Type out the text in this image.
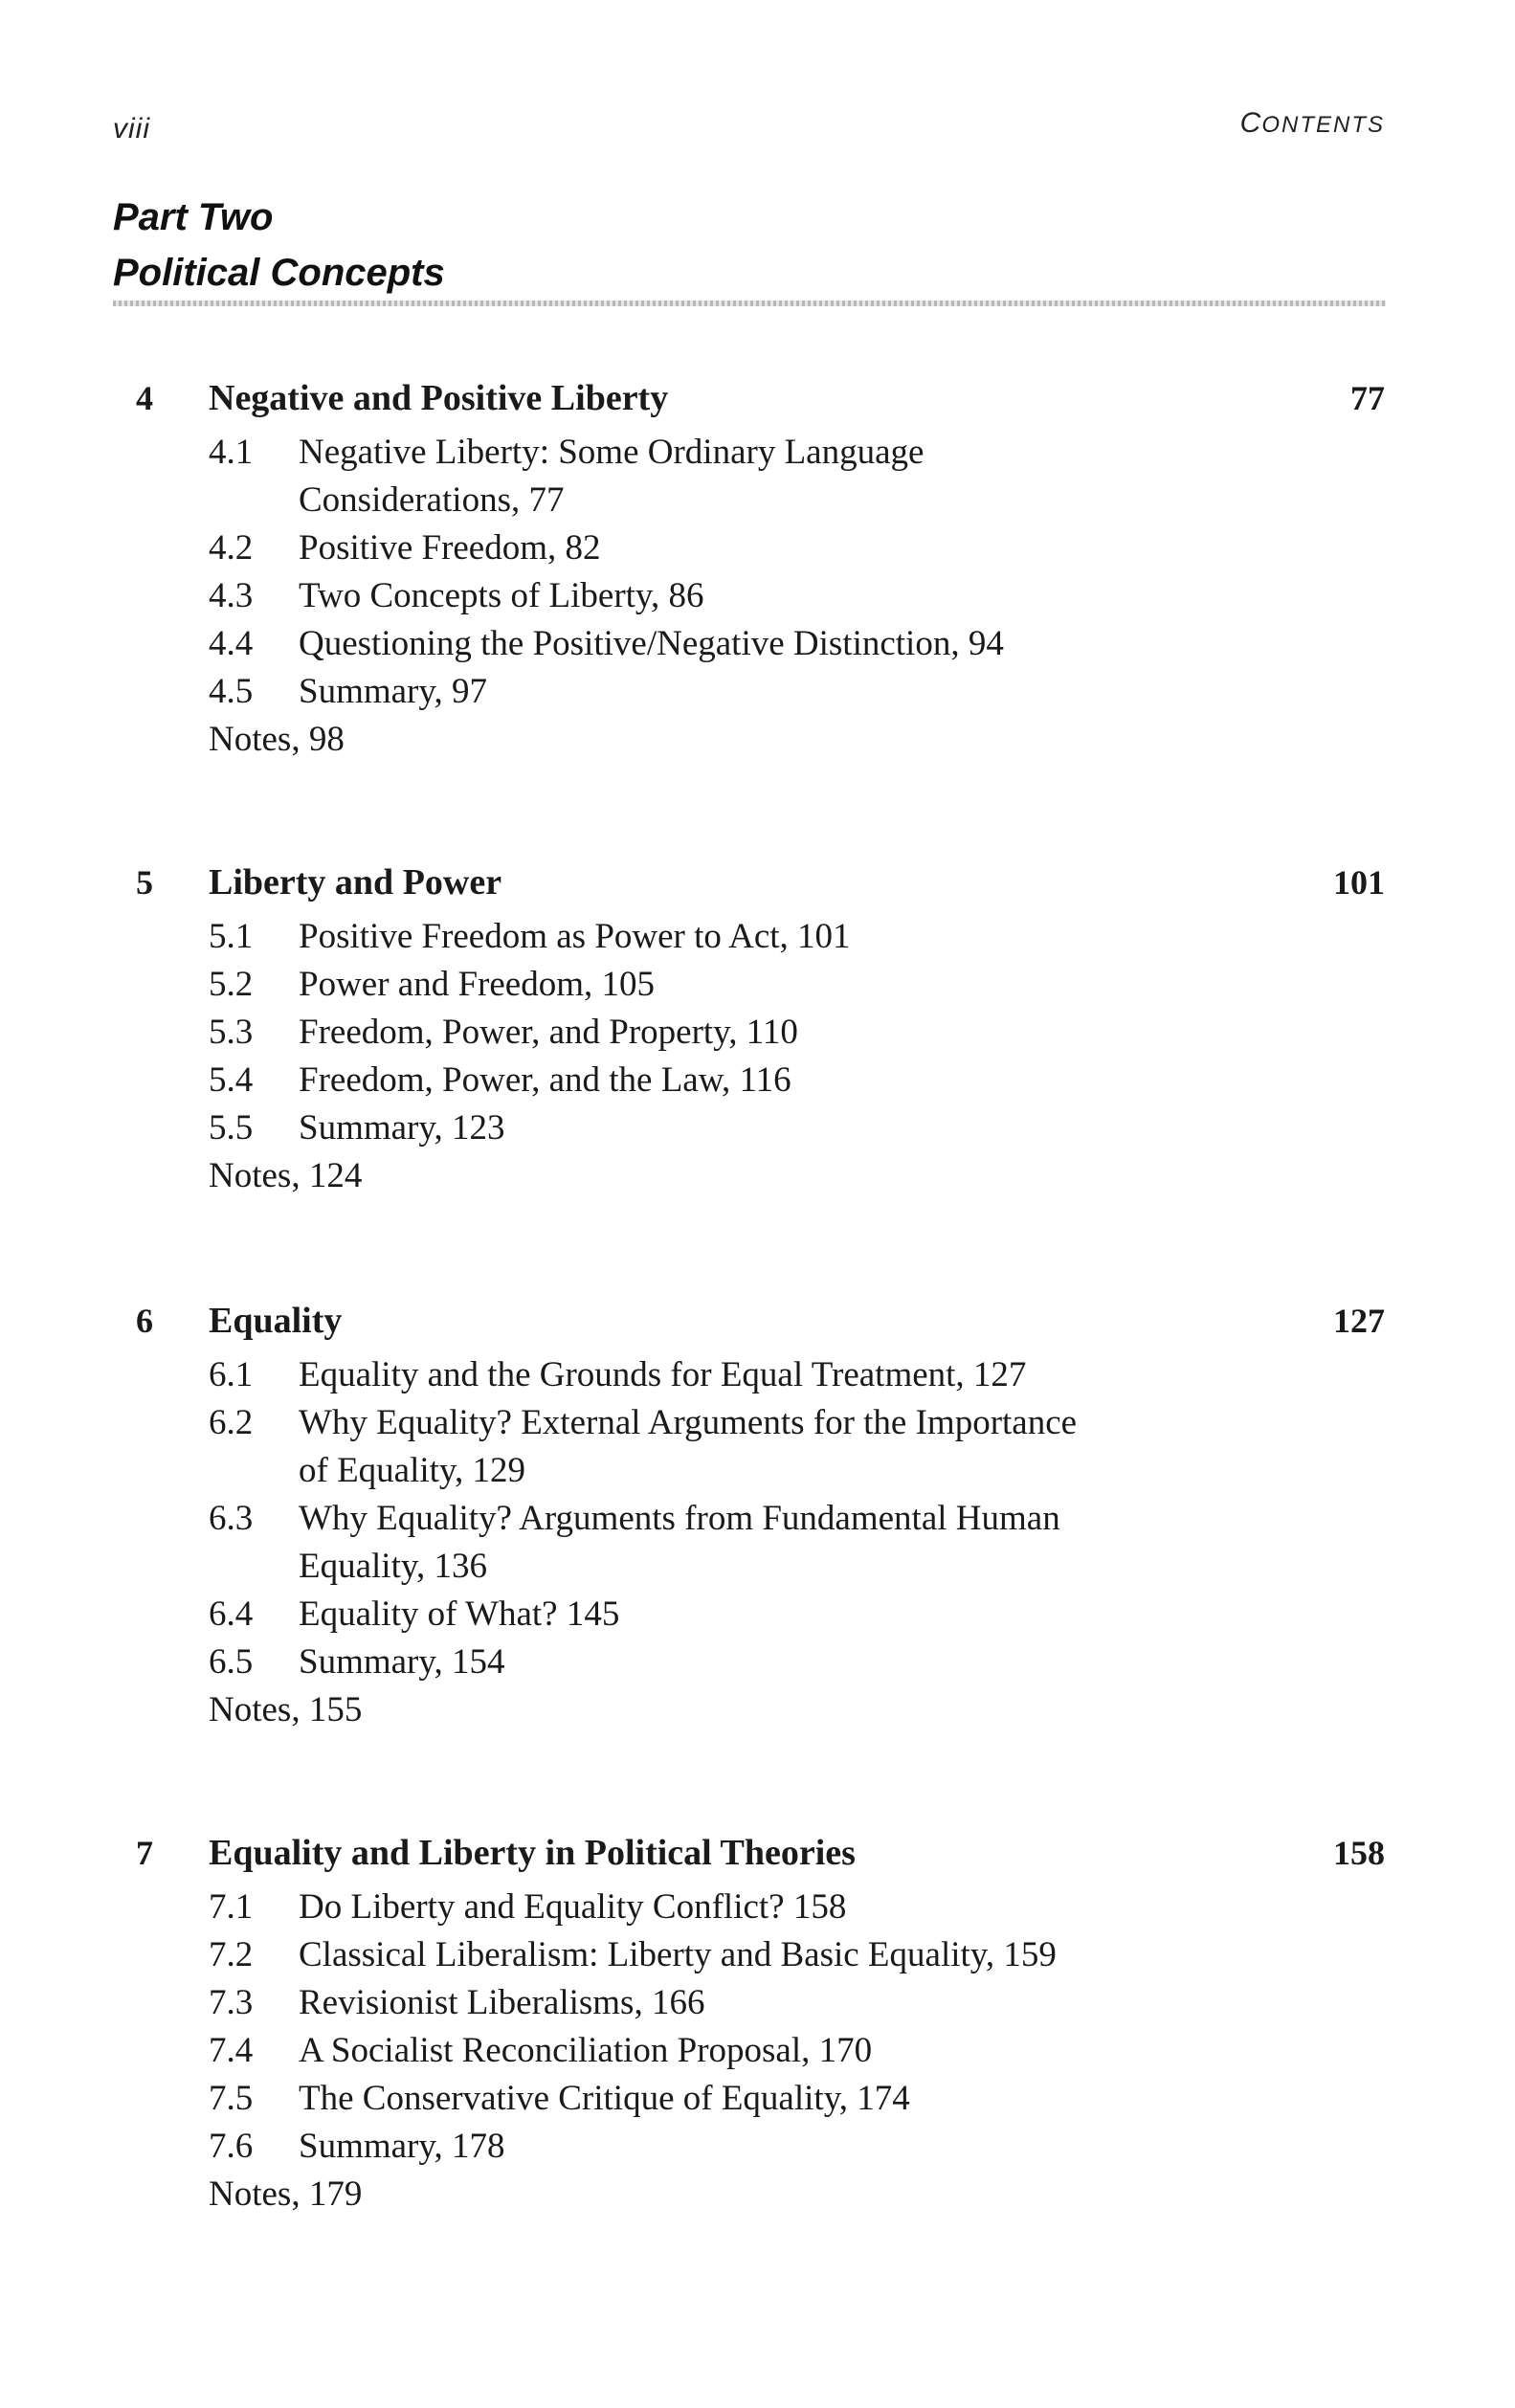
viii	CONTENTS
Part Two
Political Concepts
4 Negative and Positive Liberty	77
4.1	Negative Liberty: Some Ordinary Language
Considerations, 77
4.2	Positive Freedom, 82
4.3	Two Concepts of Liberty, 86
4.4	Questioning the Positive/Negative Distinction, 94
4.5	Summary, 97
Notes, 98
5 Liberty and Power	101
5.1	Positive Freedom as Power to Act, 101
5.2	Power and Freedom, 105
5.3	Freedom, Power, and Property, 110
5.4	Freedom, Power, and the Law, 116
5.5	Summary, 123
Notes, 124
6 Equality	127
6.1	Equality and the Grounds for Equal Treatment, 127
6.2	Why Equality? External Arguments for the Importance
of Equality, 129
6.3	Why Equality? Arguments from Fundamental Human
Equality, 136
6.4	Equality of What? 145
6.5	Summary, 154
Notes, 155
7 Equality and Liberty in Political Theories	158
7.1	Do Liberty and Equality Conflict? 158
7.2	Classical Liberalism: Liberty and Basic Equality, 159
7.3	Revisionist Liberalisms, 166
7.4	A Socialist Reconciliation Proposal, 170
7.5	The Conservative Critique of Equality, 174
7.6	Summary, 178
Notes, 179
